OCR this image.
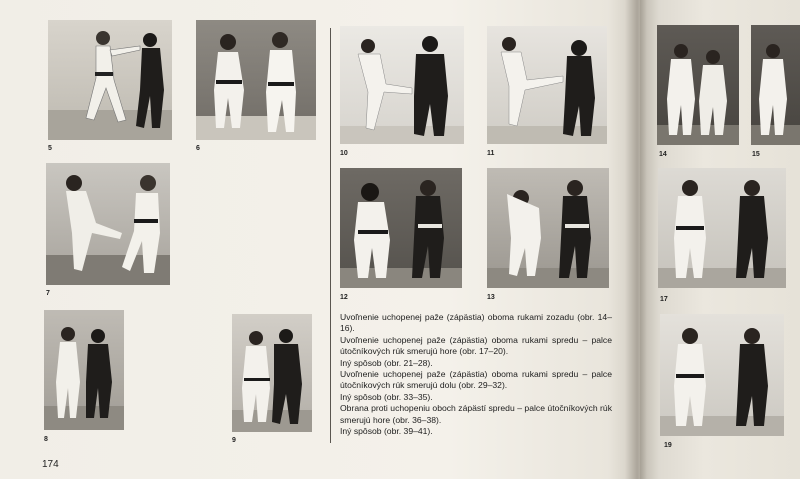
5	6
7
8	9
10	11
12	13
14	15
17
19

Uvoľnenie uchopenej paže (zápästia) oboma rukami zozadu (obr. 14–16).

Uvoľnenie uchopenej paže (zápästia) oboma rukami spredu – palce útočníkových rúk smerujú hore (obr. 17–20).

Iný spôsob (obr. 21–28).

Uvoľnenie uchopenej paže (zápästia) oboma rukami spredu – palce útočníkových rúk smerujú dolu (obr. 29–32).

Iný spôsob (obr. 33–35).

Obrana proti uchopeniu oboch zápästí spredu – palce útočníkových rúk smerujú hore (obr. 36–38).

Iný spôsob (obr. 39–41).

174
